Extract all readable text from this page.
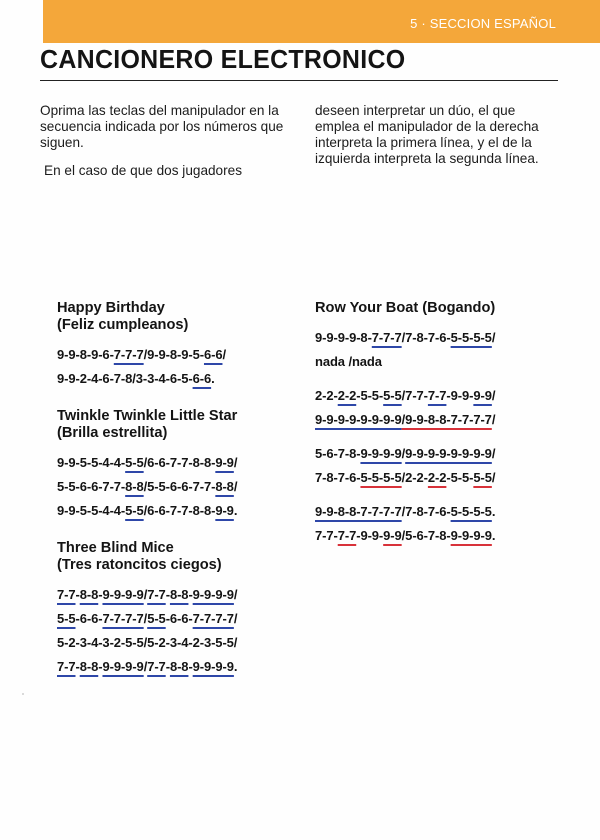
5 · SECCION ESPAÑOL
CANCIONERO ELECTRONICO

Oprima las teclas del manipulador en la secuencia indicada por los números que siguen.

En el caso de que dos jugadores

deseen interpretar un dúo, el que emplea el manipulador de la derecha interpreta la primera línea, y el de la izquierda interpreta la segunda línea.

Happy Birthday
(Feliz cumpleanos)
9-9-8-9-6-7-7-7/9-9-8-9-5-6-6/
9-9-2-4-6-7-8/3-3-4-6-5-6-6.
Twinkle Twinkle Little Star
(Brilla estrellita)
9-9-5-5-4-4-5-5/6-6-7-7-8-8-9-9/
5-5-6-6-7-7-8-8/5-5-6-6-7-7-8-8/
9-9-5-5-4-4-5-5/6-6-7-7-8-8-9-9.
Three Blind Mice
(Tres ratoncitos ciegos)
7-7-8-8-9-9-9-9/7-7-8-8-9-9-9-9/
5-5-6-6-7-7-7-7/5-5-6-6-7-7-7-7/
5-2-3-4-3-2-5-5/5-2-3-4-2-3-5-5/
7-7-8-8-9-9-9-9/7-7-8-8-9-9-9-9.
Row Your Boat (Bogando)
9-9-9-9-8-7-7-7/7-8-7-6-5-5-5-5/
nada /nada
2-2-2-2-5-5-5-5/7-7-7-7-9-9-9-9/
9-9-9-9-9-9-9-9/9-9-8-8-7-7-7-7/
5-6-7-8-9-9-9-9/9-9-9-9-9-9-9-9/
7-8-7-6-5-5-5-5/2-2-2-2-5-5-5-5/
9-9-8-8-7-7-7-7/7-8-7-6-5-5-5-5.
7-7-7-7-9-9-9-9/5-6-7-8-9-9-9-9.
